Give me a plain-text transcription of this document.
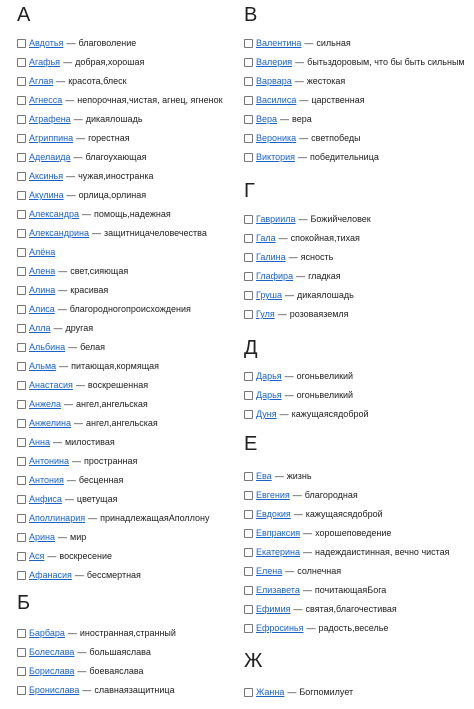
А
Авдотья — благоволение
Агафья — добрая,хорошая
Аглая — красота,блеск
Агнесса — непорочная,чистая, агнец, ягненок
Аграфена — дикаялошадь
Агриппина — горестная
Аделаида — благоухающая
Аксинья — чужая,иностранка
Акулина — орлица,орлиная
Александра — помощь,надежная
Александрина — защитницачеловечества
Алёна
Алена — свет,сияющая
Алина — красивая
Алиса — благородногопроисхождения
Алла — другая
Альбина — белая
Альма — питающая,кормящая
Анастасия — воскрешенная
Анжела — ангел,ангельская
Анжелина — ангел,ангельская
Анна — милостивая
Антонина — пространная
Антония — бесценная
Анфиса — цветущая
Аполлинария — принадлежащаяАполлону
Арина — мир
Ася — воскресение
Афанасия — бессмертная
Б
Барбара — иностранная,странный
Болеслава — большаяслава
Борислава — боеваяслава
Бронислава — славнаязащитница
В
Валентина — сильная
Валерия — бытьздоровым, что бы быть сильным
Варвара — жестокая
Василиса — царственная
Вера — вера
Вероника — светпобеды
Виктория — победительница
Г
Гавриила — Божийчеловек
Гала — спокойная,тихая
Галина — ясность
Глафира — гладкая
Груша — дикаялошадь
Гуля — розоваяземля
Д
Дарья — огоньвеликий
Дарья — огоньвеликий
Дуня — кажущаясядоброй
Е
Ева — жизнь
Евгения — благородная
Евдокия — кажущаясядоброй
Евпраксия — хорошеповедение
Екатерина — надеждаистинная, вечно чистая
Елена — солнечная
Елизавета — почитающаяБога
Ефимия — святая,благочестивая
Ефросинья — радость,веселье
Ж
Жанна — Богпомилует
